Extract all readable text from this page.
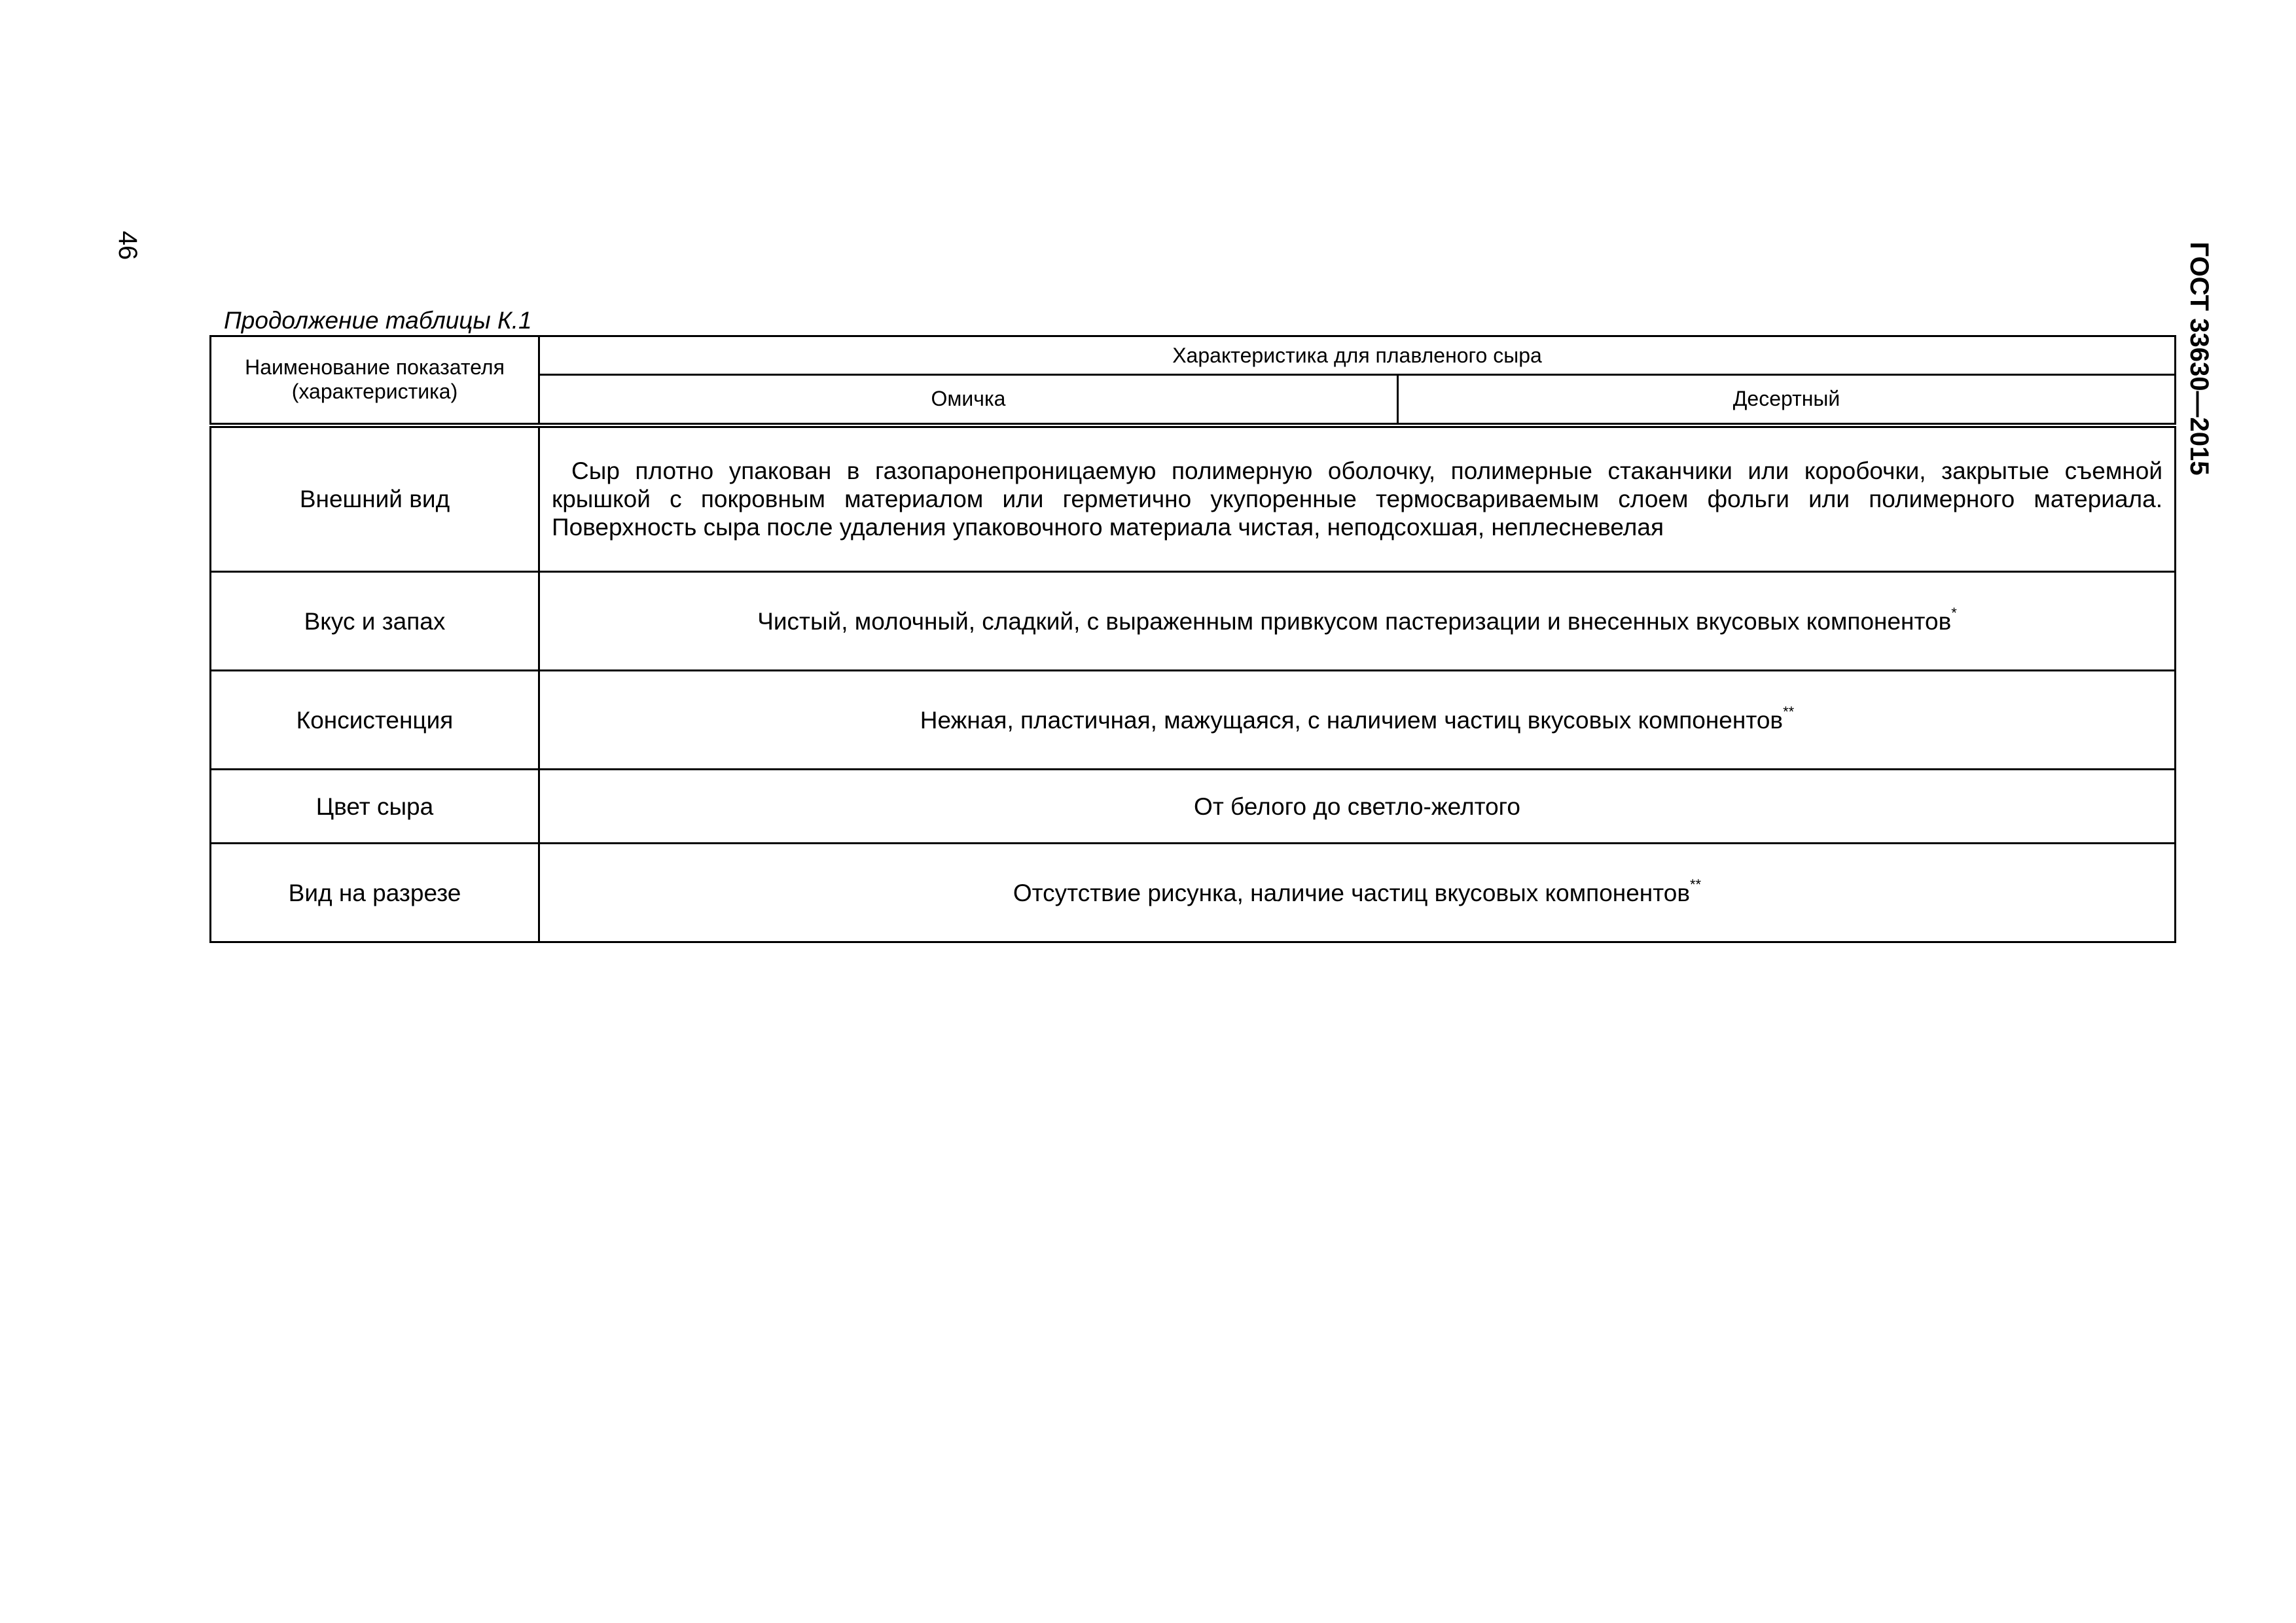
46	ГОСТ 33630—2015
Продолжение таблицы К.1
Наименование показателя (характеристика)	Характеристика для плавленого сыра	
	Омичка	Десертный
Внешний вид	Сыр плотно упакован в газопаронепроницаемую полимерную оболочку, полимерные стаканчики или коробочки, закрытые съемной крышкой с покровным материалом или герметично укупоренные термосвариваемым слоем фольги или полимерного материала. Поверхность сыра после удаления упаковочного материала чистая, неподсохшая, неплесневелая	
Вкус и запах	Чистый, молочный, сладкий, с выраженным привкусом пастеризации и внесенных вкусовых компонентов*
Консистенция	Нежная, пластичная, мажущаяся, с наличием частиц вкусовых компонентов**
Цвет сыра	От белого до светло-желтого	
Вид на разрезе	Отсутствие рисунка, наличие частиц вкусовых компонентов**
